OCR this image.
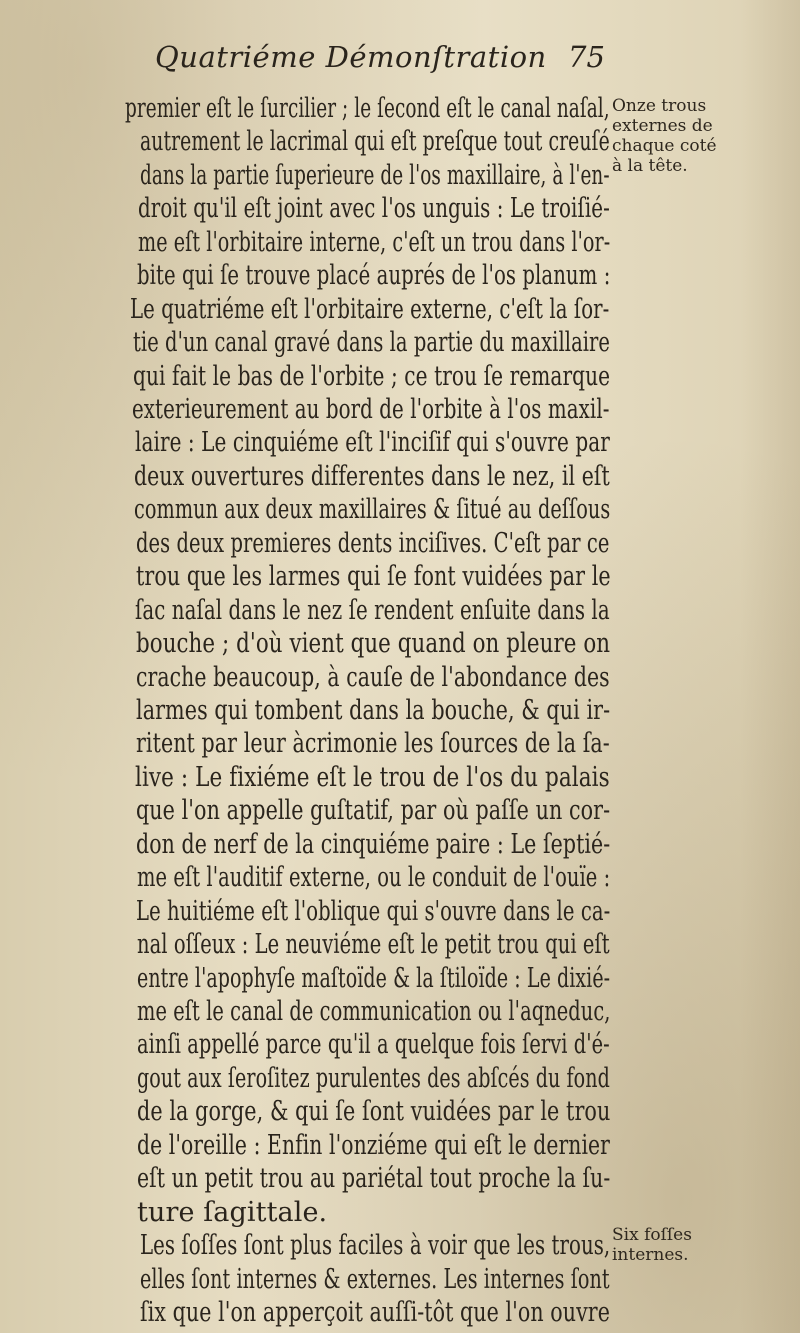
Quatriéme Démonſtration 75
premier eſt le ſurcilier ; le ſecond eſt le canal naſal,
autrement le lacrimal qui eſt preſque tout creuſé
dans la partie ſuperieure de l'os maxillaire, à l'en-
droit qu'il eſt joint avec l'os unguis : Le troiſié-
me eſt l'orbitaire interne, c'eſt un trou dans l'or-
bite qui ſe trouve placé auprés de l'os planum :
Le quatriéme eſt l'orbitaire externe, c'eſt la ſor-
tie d'un canal gravé dans la partie du maxillaire
qui fait le bas de l'orbite ; ce trou ſe remarque
exterieurement au bord de l'orbite à l'os maxil-
laire : Le cinquiéme eſt l'inciſif qui s'ouvre par
deux ouvertures differentes dans le nez, il eſt
commun aux deux maxillaires & ſitué au deſſous
des deux premieres dents inciſives. C'eſt par ce
trou que les larmes qui ſe font vuidées par le
ſac naſal dans le nez ſe rendent enſuite dans la
bouche ; d'où vient que quand on pleure on
crache beaucoup, à cauſe de l'abondance des
larmes qui tombent dans la bouche, & qui ir-
ritent par leur àcrimonie les ſources de la ſa-
live : Le fixiéme eſt le trou de l'os du palais
que l'on appelle guſtatif, par où paſſe un cor-
don de nerf de la cinquiéme paire : Le ſeptié-
me eſt l'auditif externe, ou le conduit de l'ouïe :
Le huitiéme eſt l'oblique qui s'ouvre dans le ca-
nal oſſeux : Le neuviéme eſt le petit trou qui eſt
entre l'apophyſe maſtoïde & la ſtiloïde : Le dixié-
me eſt le canal de communication ou l'aqneduc,
ainſi appellé parce qu'il a quelque fois ſervi d'é-
gout aux ſeroſitez purulentes des abſcés du fond
de la gorge, & qui ſe ſont vuidées par le trou
de l'oreille : Enfin l'onziéme qui eſt le dernier
eſt un petit trou au pariétal tout proche la ſu-
ture ſagittale.
Les ſoſſes ſont plus faciles à voir que les trous,
elles ſont internes & externes. Les internes ſont
ſix que l'on apperçoit auſſi-tôt que l'on ouvre
Onze trous
externes de
chaque coté
à la tête.
Six foſſes
internes.
